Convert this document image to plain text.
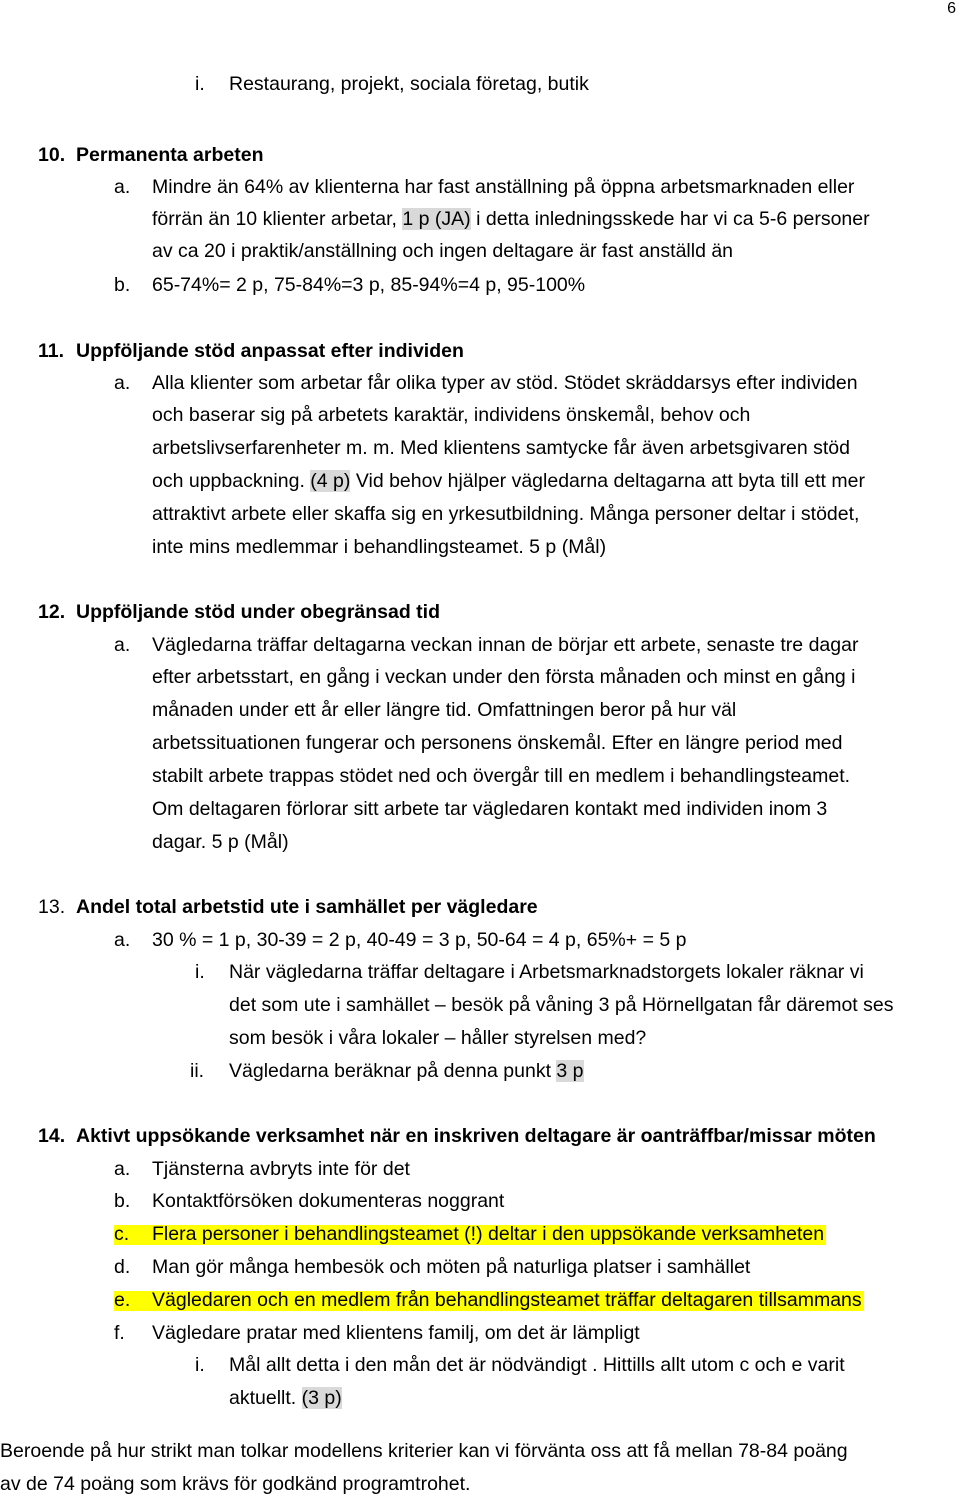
6
i. Restaurang, projekt, sociala företag, butik
10. Permanenta arbeten
a. Mindre än 64% av klienterna har fast anställning på öppna arbetsmarknaden eller
förrän än 10 klienter arbetar, 1 p (JA) i detta inledningsskede har vi ca 5-6 personer
av ca 20 i praktik/anställning och ingen deltagare är fast anställd än
b. 65-74%= 2 p, 75-84%=3 p, 85-94%=4 p, 95-100%
11. Uppföljande stöd anpassat efter individen
a. Alla klienter som arbetar får olika typer av stöd. Stödet skräddarsys efter individen
och baserar sig på arbetets karaktär, individens önskemål, behov och
arbetslivserfarenheter m. m. Med klientens samtycke får även arbetsgivaren stöd
och uppbackning. (4 p) Vid behov hjälper vägledarna deltagarna att byta till ett mer
attraktivt arbete eller skaffa sig en yrkesutbildning. Många personer deltar i stödet,
inte mins medlemmar i behandlingsteamet. 5 p (Mål)
12. Uppföljande stöd under obegränsad tid
a. Vägledarna träffar deltagarna veckan innan de börjar ett arbete, senaste tre dagar
efter arbetsstart, en gång i veckan under den första månaden och minst en gång i
månaden under ett år eller längre tid. Omfattningen beror på hur väl
arbetssituationen fungerar och personens önskemål. Efter en längre period med
stabilt arbete trappas stödet ned och övergår till en medlem i behandlingsteamet.
Om deltagaren förlorar sitt arbete tar vägledaren kontakt med individen inom 3
dagar. 5 p (Mål)
13. Andel total arbetstid ute i samhället per vägledare
a. 30 % = 1 p, 30-39 = 2 p, 40-49 = 3 p, 50-64 = 4 p, 65%+ = 5 p
i. När vägledarna träffar deltagare i Arbetsmarknadstorgets lokaler räknar vi
det som ute i samhället – besök på våning 3 på Hörnellgatan får däremot ses
som besök i våra lokaler – håller styrelsen med?
ii. Vägledarna beräknar på denna punkt 3 p
14. Aktivt uppsökande verksamhet när en inskriven deltagare är oanträffbar/missar möten
a. Tjänsterna avbryts inte för det
b. Kontaktförsöken dokumenteras noggrant
c. Flera personer i behandlingsteamet (!) deltar i den uppsökande verksamheten
d. Man gör många hembesök och möten på naturliga platser i samhället
e. Vägledaren och en medlem från behandlingsteamet träffar deltagaren tillsammans
f. Vägledare pratar med klientens familj, om det är lämpligt
i. Mål allt detta i den mån det är nödvändigt . Hittills allt utom c och e varit
aktuellt. (3 p)
Beroende på hur strikt man tolkar modellens kriterier kan vi förvänta oss att få mellan 78-84 poäng
av de 74 poäng som krävs för godkänd programtrohet.
